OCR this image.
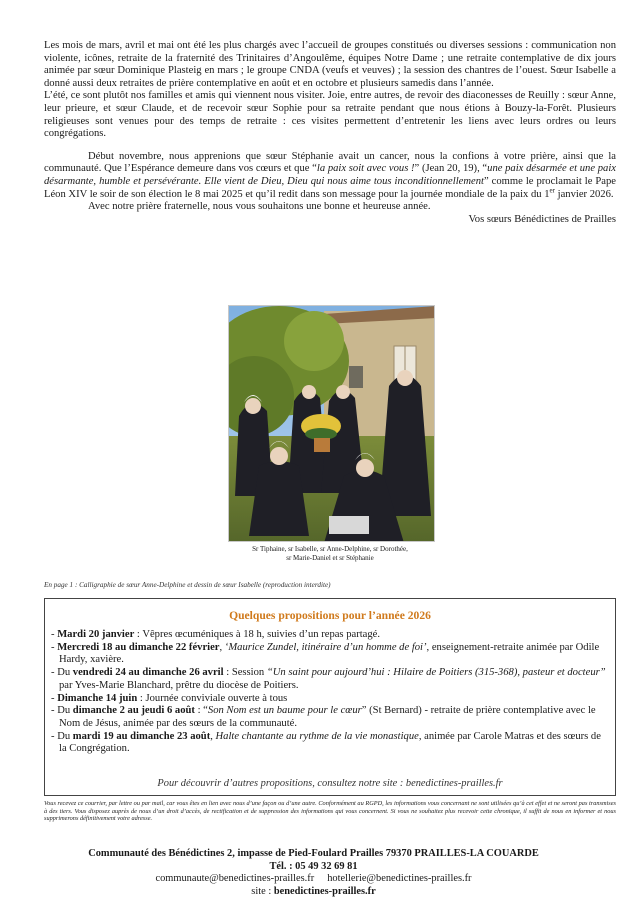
Les mois de mars, avril et mai ont été les plus chargés avec l’accueil de groupes constitués ou diverses sessions : communication non violente, icônes, retraite de la fraternité des Trinitaires d’Angoulême, équipes Notre Dame ; une retraite contemplative de dix jours animée par sœur Dominique Plasteig en mars ; le groupe CNDA (veufs et veuves) ; la session des chantres de l’ouest. Sœur Isabelle a donné aussi deux retraites de prière contemplative en août et en octobre et plusieurs samedis dans l’année.

L’été, ce sont plutôt nos familles et amis qui viennent nous visiter. Joie, entre autres, de revoir des diaconesses de Reuilly : sœur Anne, leur prieure, et sœur Claude, et de recevoir sœur Sophie pour sa retraite pendant que nous étions à Bouzy-la-Forêt. Plusieurs religieuses sont venues pour des temps de retraite : ces visites permettent d’entretenir les liens avec leurs ordres ou leurs congrégations.

Début novembre, nous apprenions que sœur Stéphanie avait un cancer, nous la confions à votre prière, ainsi que la communauté. Que l’Espérance demeure dans vos cœurs et que “la paix soit avec vous !” (Jean 20, 19), “une paix désarmée et une paix désarmante, humble et persévérante. Elle vient de Dieu, Dieu qui nous aime tous inconditionnellement” comme le proclamait le Pape Léon XIV le soir de son élection le 8 mai 2025 et qu’il redit dans son message pour la journée mondiale de la paix du 1er janvier 2026.

Avec notre prière fraternelle, nous vous souhaitons une bonne et heureuse année.

Vos sœurs Bénédictines de Prailles

Sr Tiphaine, sr Isabelle, sr Anne-Delphine, sr Dorothée,
sr Marie-Daniel et sr Stéphanie
En page 1 : Calligraphie de sœur Anne-Delphine et dessin de sœur Isabelle (reproduction interdite)
Quelques propositions pour l’année 2026
- Mardi 20 janvier : Vêpres œcuméniques à 18 h, suivies d’un repas partagé.
- Mercredi 18 au dimanche 22 février, ‘Maurice Zundel, itinéraire d’un homme de foi’, enseignement-retraite animée par Odile Hardy, xavière.
- Du vendredi 24 au dimanche 26 avril : Session “Un saint pour aujourd’hui : Hilaire de Poitiers (315-368), pasteur et docteur” par Yves-Marie Blanchard, prêtre du diocèse de Poitiers.
- Dimanche 14 juin : Journée conviviale ouverte à tous
- Du dimanche 2 au jeudi 6 août : “Son Nom est un baume pour le cœur” (St Bernard) - retraite de prière contemplative avec le Nom de Jésus, animée par des sœurs de la communauté.
- Du mardi 19 au dimanche 23 août, Halte chantante au rythme de la vie monastique, animée par Carole Matras et des sœurs de la Congrégation.
Pour découvrir d’autres propositions, consultez notre site : benedictines-prailles.fr
Vous recevez ce courrier, par lettre ou par mail, car vous êtes en lien avec nous d’une façon ou d’une autre. Conformément au RGPD, les informations vous concernant ne sont utilisées qu’à cet effet et ne seront pas transmises à des tiers. Vous disposez auprès de nous d’un droit d’accès, de rectification et de suppression des informations qui vous concernent. Si vous ne souhaitez plus recevoir cette chronique, il suffit de nous en informer et nous supprimerons définitivement votre adresse.
Communauté des Bénédictines 2, impasse de Pied-Foulard Prailles 79370 PRAILLES-LA COUARDE
Tél. : 05 49 32 69 81
communaute@benedictines-prailles.fr hotellerie@benedictines-prailles.fr
site : benedictines-prailles.fr
